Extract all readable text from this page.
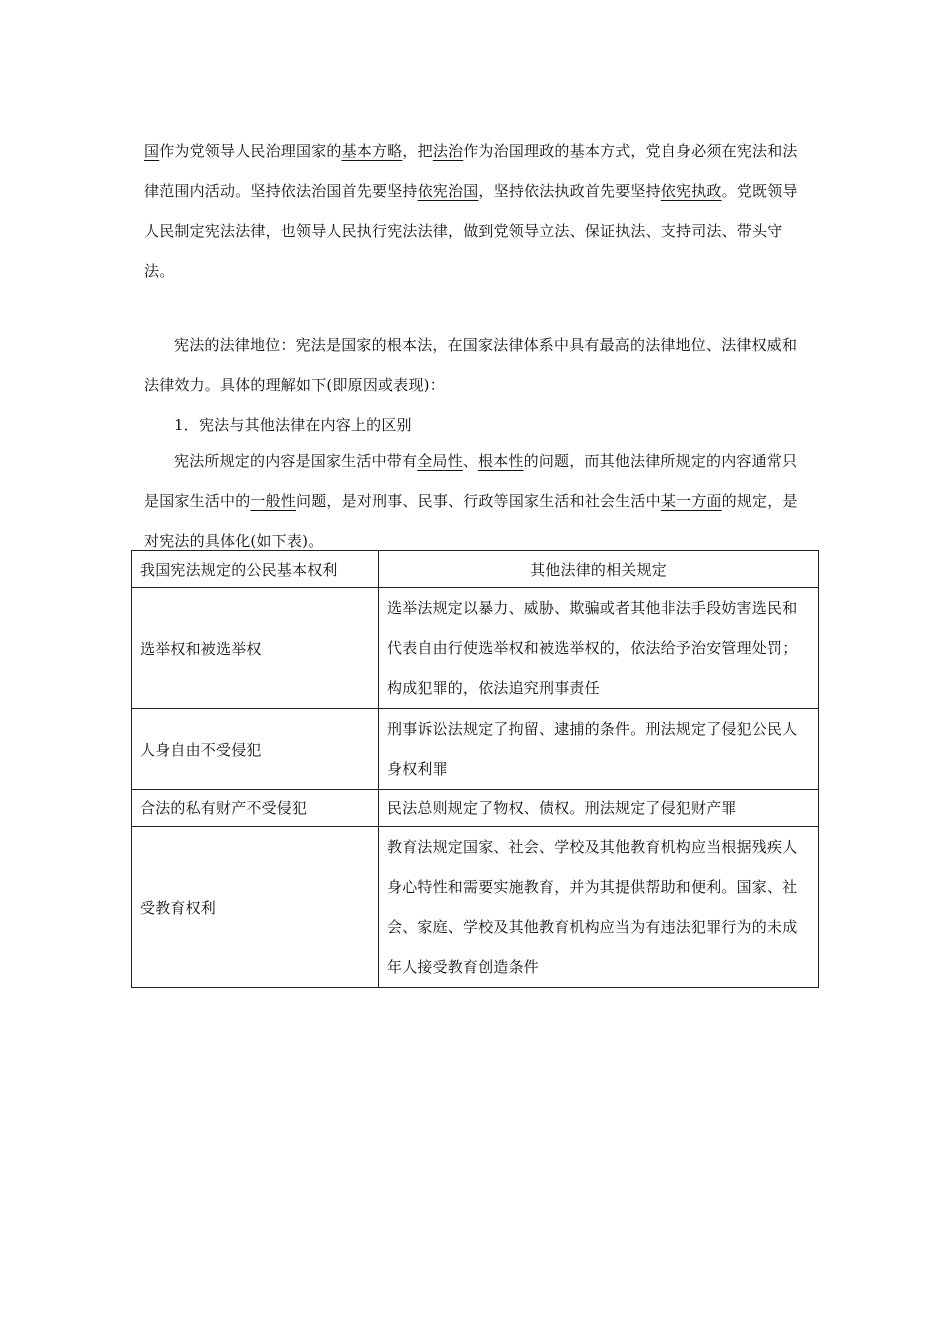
国作为党领导人民治理国家的基本方略，把法治作为治国理政的基本方式，党自身必须在宪法和法律范围内活动。坚持依法治国首先要坚持依宪治国，坚持依法执政首先要坚持依宪执政。党既领导人民制定宪法法律，也领导人民执行宪法法律，做到党领导立法、保证执法、支持司法、带头守法。

宪法的法律地位：宪法是国家的根本法，在国家法律体系中具有最高的法律地位、法律权威和法律效力。具体的理解如下(即原因或表现)：

1．宪法与其他法律在内容上的区别

宪法所规定的内容是国家生活中带有全局性、根本性的问题，而其他法律所规定的内容通常只是国家生活中的一般性问题，是对刑事、民事、行政等国家生活和社会生活中某一方面的规定，是对宪法的具体化(如下表)。

我国宪法规定的公民基本权利	其他法律的相关规定
选举权和被选举权	选举法规定以暴力、威胁、欺骗或者其他非法手段妨害选民和代表自由行使选举权和被选举权的，依法给予治安管理处罚；构成犯罪的，依法追究刑事责任
人身自由不受侵犯	刑事诉讼法规定了拘留、逮捕的条件。刑法规定了侵犯公民人身权利罪
合法的私有财产不受侵犯	民法总则规定了物权、债权。刑法规定了侵犯财产罪
受教育权利	教育法规定国家、社会、学校及其他教育机构应当根据残疾人身心特性和需要实施教育，并为其提供帮助和便利。国家、社会、家庭、学校及其他教育机构应当为有违法犯罪行为的未成年人接受教育创造条件
